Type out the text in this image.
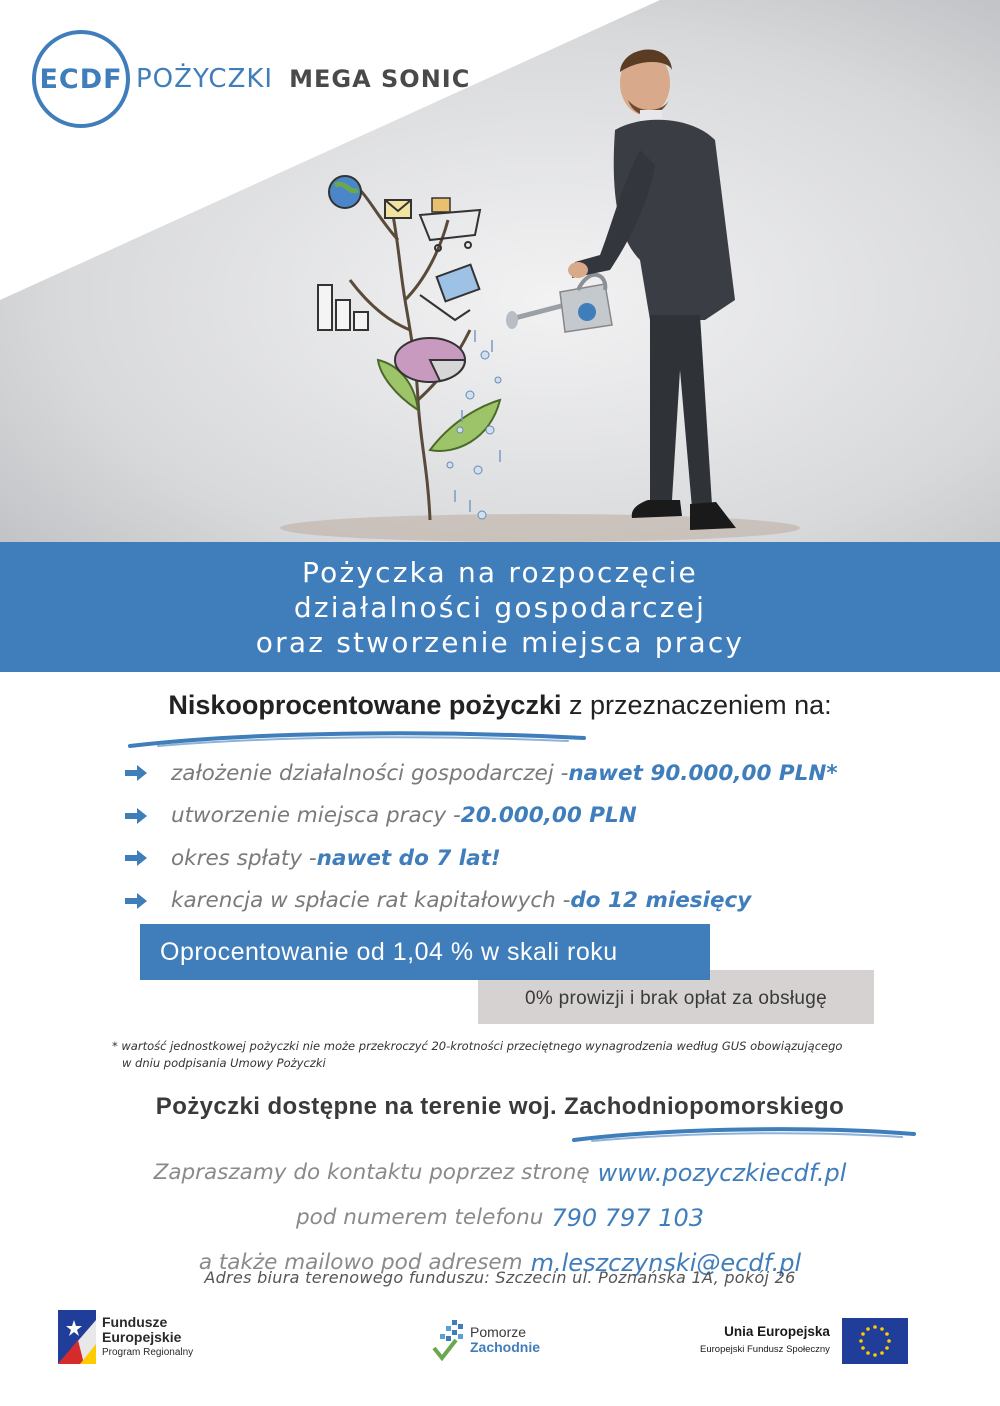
ECDF POŻYCZKI MEGA SONIC
Pożyczka na rozpoczęcie
działalności gospodarczej
oraz stworzenie miejsca pracy
Niskooprocentowane pożyczki z przeznaczeniem na:
założenie działalności gospodarczej - nawet 90.000,00 PLN*
utworzenie miejsca pracy - 20.000,00 PLN
okres spłaty - nawet do 7 lat!
karencja w spłacie rat kapitałowych - do 12 miesięcy
0% prowizji i brak opłat za obsługę
Oprocentowanie od 1,04 % w skali roku
* wartość jednostkowej pożyczki nie może przekroczyć 20-krotności przeciętnego wynagrodzenia według GUS obowiązującego
w dniu podpisania Umowy Pożyczki
Pożyczki dostępne na terenie woj. Zachodniopomorskiego
Zapraszamy do kontaktu poprzez stronę www.pozyczkiecdf.pl
pod numerem telefonu 790 797 103
a także mailowo pod adresem m.leszczynski@ecdf.pl
Adres biura terenowego funduszu: Szczecin ul. Poznańska 1A, pokój 26
Fundusze
Europejskie
Program Regionalny
Pomorze
Zachodnie
Unia Europejska
Europejski Fundusz Społeczny
